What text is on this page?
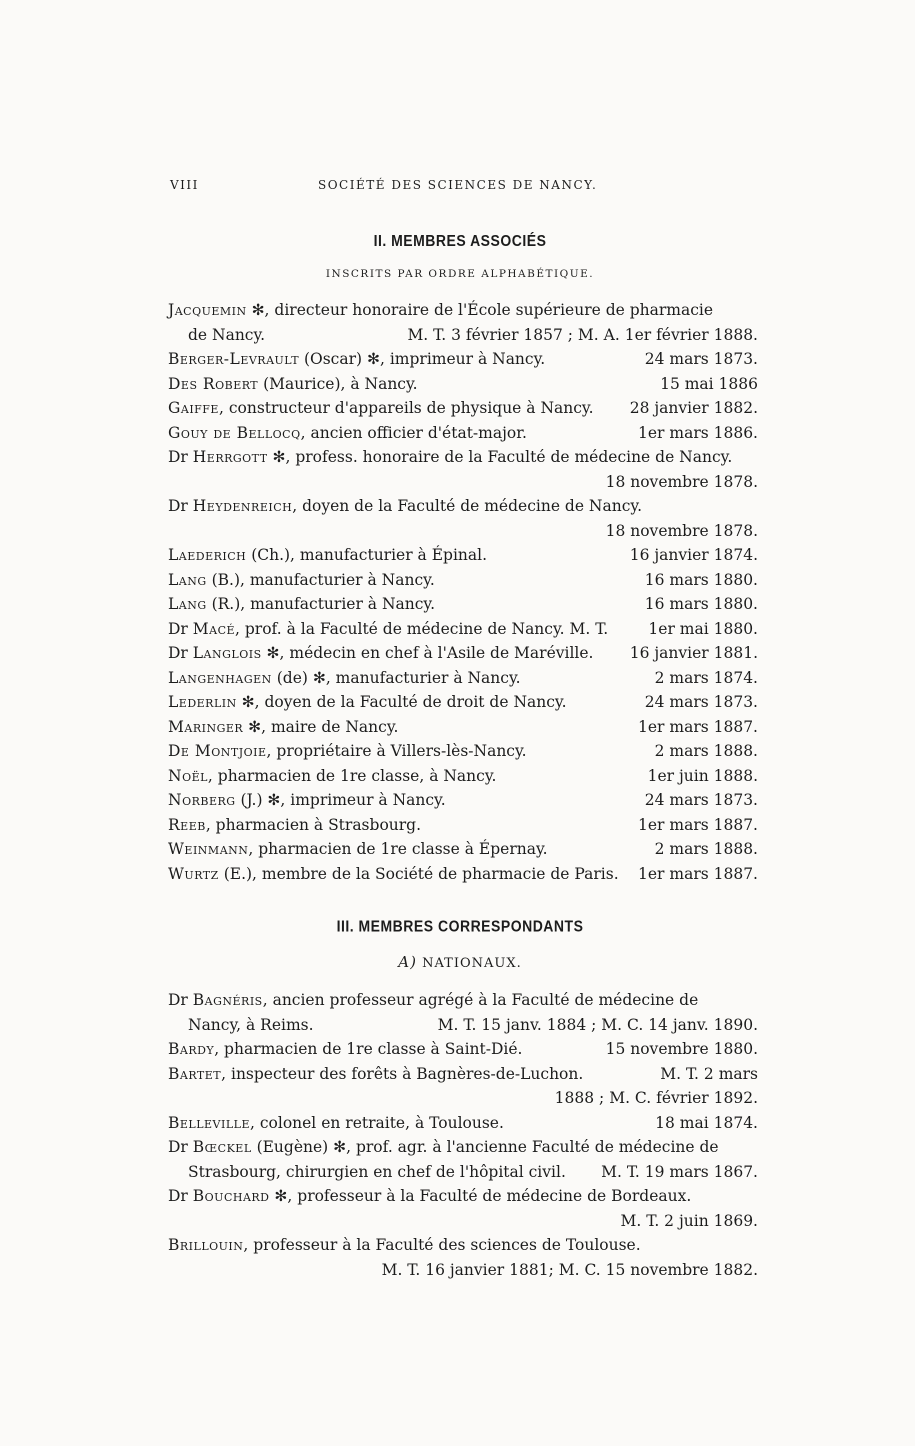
VIII	SOCIÉTÉ DES SCIENCES DE NANCY.
II. MEMBRES ASSOCIÉS
INSCRITS PAR ORDRE ALPHABÉTIQUE.
Jacquemin ✻, directeur honoraire de l'École supérieure de pharmacie
de Nancy.	M. T. 3 février 1857 ; M. A. 1er février 1888.
Berger-Levrault (Oscar) ✻, imprimeur à Nancy.	24 mars 1873.
Des Robert (Maurice), à Nancy.	15 mai 1886
Gaiffe, constructeur d'appareils de physique à Nancy. 28 janvier 1882.
Gouy de Bellocq, ancien officier d'état-major.	1er mars 1886.
Dr Herrgott ✻, profess. honoraire de la Faculté de médecine de Nancy.
18 novembre 1878.
Dr Heydenreich, doyen de la Faculté de médecine de Nancy.
18 novembre 1878.
Laederich (Ch.), manufacturier à Épinal.	16 janvier 1874.
Lang (B.), manufacturier à Nancy.	16 mars 1880.
Lang (R.), manufacturier à Nancy.	16 mars 1880.
Dr Macé, prof. à la Faculté de médecine de Nancy. M. T.	1er mai 1880.
Dr Langlois ✻, médecin en chef à l'Asile de Maréville. 16 janvier 1881.
Langenhagen (de) ✻, manufacturier à Nancy.	2 mars 1874.
Lederlin ✻, doyen de la Faculté de droit de Nancy.	24 mars 1873.
Maringer ✻, maire de Nancy.	1er mars 1887.
De Montjoie, propriétaire à Villers-lès-Nancy.	2 mars 1888.
Noël, pharmacien de 1re classe, à Nancy.	1er juin 1888.
Norberg (J.) ✻, imprimeur à Nancy.	24 mars 1873.
Reeb, pharmacien à Strasbourg.	1er mars 1887.
Weinmann, pharmacien de 1re classe à Épernay.	2 mars 1888.
Wurtz (E.), membre de la Société de pharmacie de Paris. 1er mars 1887.
III. MEMBRES CORRESPONDANTS
A) NATIONAUX.
Dr Bagnéris, ancien professeur agrégé à la Faculté de médecine de
Nancy, à Reims.	M. T. 15 janv. 1884 ; M. C. 14 janv. 1890.
Bardy, pharmacien de 1re classe à Saint-Dié.	15 novembre 1880.
Bartet, inspecteur des forêts à Bagnères-de-Luchon.	M. T. 2 mars
1888 ; M. C. février 1892.
Belleville, colonel en retraite, à Toulouse.	18 mai 1874.
Dr Bœckel (Eugène) ✻, prof. agr. à l'ancienne Faculté de médecine de
Strasbourg, chirurgien en chef de l'hôpital civil. M. T. 19 mars 1867.
Dr Bouchard ✻, professeur à la Faculté de médecine de Bordeaux.
M. T. 2 juin 1869.
Brillouin, professeur à la Faculté des sciences de Toulouse.
M. T. 16 janvier 1881; M. C. 15 novembre 1882.
